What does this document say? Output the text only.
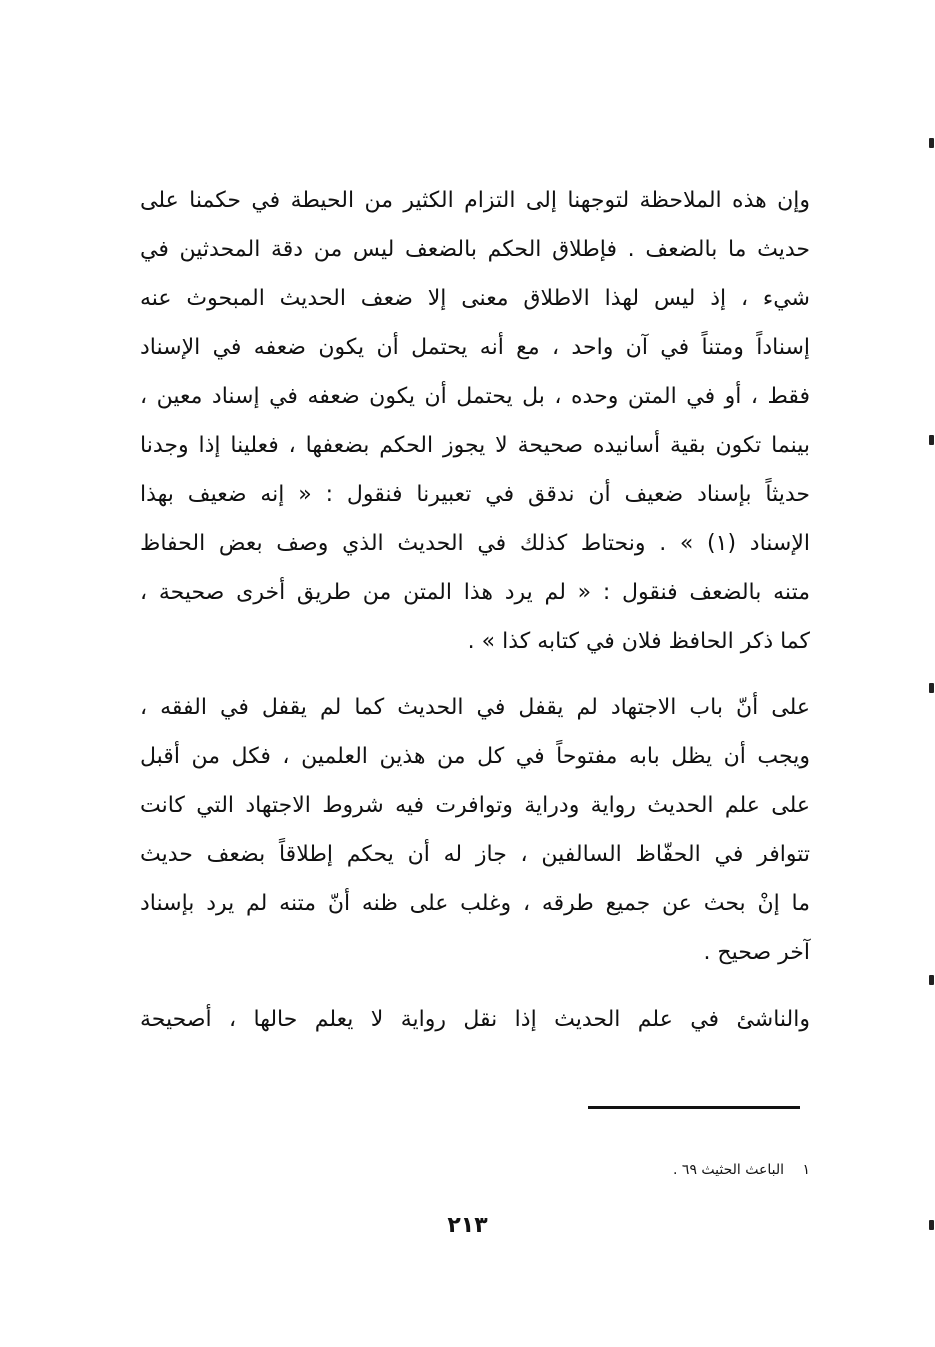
وإن هذه الملاحظة لتوجهنا إلى التزام الكثير من الحيطة في حكمنا على
حديث ما بالضعف . فإطلاق الحكم بالضعف ليس من دقة المحدثين في
شيء ، إذ ليس لهذا الاطلاق معنى إلا ضعف الحديث المبحوث عنه
إسناداً ومتناً في آن واحد ، مع أنه يحتمل أن يكون ضعفه في الإسناد
فقط ، أو في المتن وحده ، بل يحتمل أن يكون ضعفه في إسناد معين ،
بينما تكون بقية أسانيده صحيحة لا يجوز الحكم بضعفها ، فعلينا إذا وجدنا
حديثاً بإسناد ضعيف أن ندقق في تعبيرنا فنقول : « إنه ضعيف بهذا
الإسناد (١) » . ونحتاط كذلك في الحديث الذي وصف بعض الحفاظ
متنه بالضعف فنقول : « لم يرد هذا المتن من طريق أخرى صحيحة ،
كما ذكر الحافظ فلان في كتابه كذا » .
على أنّ باب الاجتهاد لم يقفل في الحديث كما لم يقفل في الفقه ،
ويجب أن يظل بابه مفتوحاً في كل من هذين العلمين ، فكل من أقبل
على علم الحديث رواية ودراية وتوافرت فيه شروط الاجتهاد التي كانت
تتوافر في الحفّاظ السالفين ، جاز له أن يحكم إطلاقاً بضعف حديث
ما إنْ بحث عن جميع طرقه ، وغلب على ظنه أنّ متنه لم يرد بإسناد
آخر صحيح .
والناشئ في علم الحديث إذا نقل رواية لا يعلم حالها ، أصحيحة
١ الباعث الحثيث ٦٩ .
٢١٣
